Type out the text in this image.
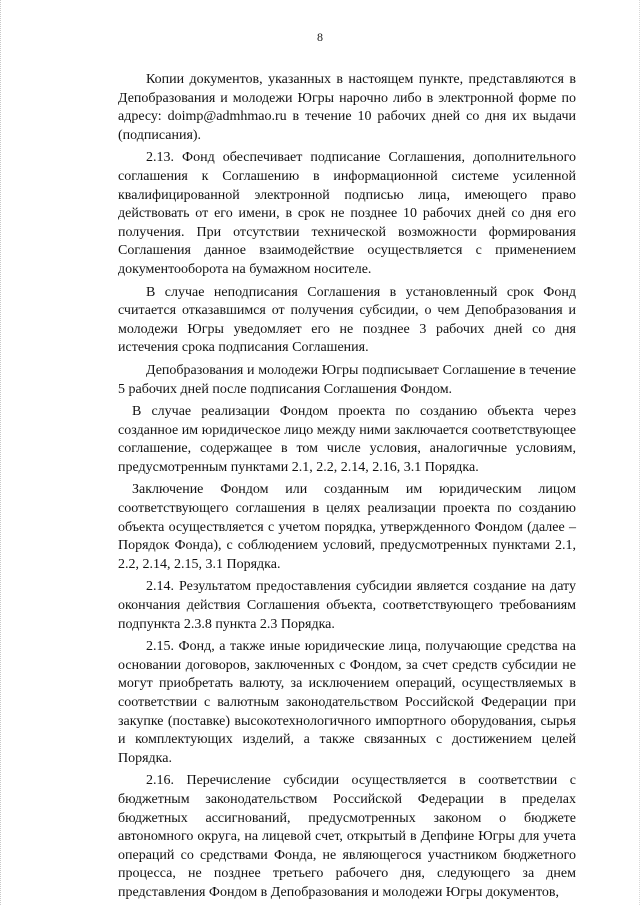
8

Копии документов, указанных в настоящем пункте, представляются в Депобразования и молодежи Югры нарочно либо в электронной форме по адресу: doimp@admhmao.ru в течение 10 рабочих дней со дня их выдачи (подписания).

2.13. Фонд обеспечивает подписание Соглашения, дополнительного соглашения к Соглашению в информационной системе усиленной квалифицированной электронной подписью лица, имеющего право действовать от его имени, в срок не позднее 10 рабочих дней со дня его получения. При отсутствии технической возможности формирования Соглашения данное взаимодействие осуществляется с применением документооборота на бумажном носителе.

В случае неподписания Соглашения в установленный срок Фонд считается отказавшимся от получения субсидии, о чем Депобразования и молодежи Югры уведомляет его не позднее 3 рабочих дней со дня истечения срока подписания Соглашения.

Депобразования и молодежи Югры подписывает Соглашение в течение 5 рабочих дней после подписания Соглашения Фондом.

В случае реализации Фондом проекта по созданию объекта через созданное им юридическое лицо между ними заключается соответствующее соглашение, содержащее в том числе условия, аналогичные условиям, предусмотренным пунктами 2.1, 2.2, 2.14, 2.16, 3.1 Порядка.

Заключение Фондом или созданным им юридическим лицом соответствующего соглашения в целях реализации проекта по созданию объекта осуществляется с учетом порядка, утвержденного Фондом (далее – Порядок Фонда), с соблюдением условий, предусмотренных пунктами 2.1, 2.2, 2.14, 2.15, 3.1 Порядка.

2.14. Результатом предоставления субсидии является создание на дату окончания действия Соглашения объекта, соответствующего требованиям подпункта 2.3.8 пункта 2.3 Порядка.

2.15. Фонд, а также иные юридические лица, получающие средства на основании договоров, заключенных с Фондом, за счет средств субсидии не могут приобретать валюту, за исключением операций, осуществляемых в соответствии с валютным законодательством Российской Федерации при закупке (поставке) высокотехнологичного импортного оборудования, сырья и комплектующих изделий, а также связанных с достижением целей Порядка.

2.16. Перечисление субсидии осуществляется в соответствии с бюджетным законодательством Российской Федерации в пределах бюджетных ассигнований, предусмотренных законом о бюджете автономного округа, на лицевой счет, открытый в Депфине Югры для учета операций со средствами Фонда, не являющегося участником бюджетного процесса, не позднее третьего рабочего дня, следующего за днем представления Фондом в Депобразования и молодежи Югры документов,
